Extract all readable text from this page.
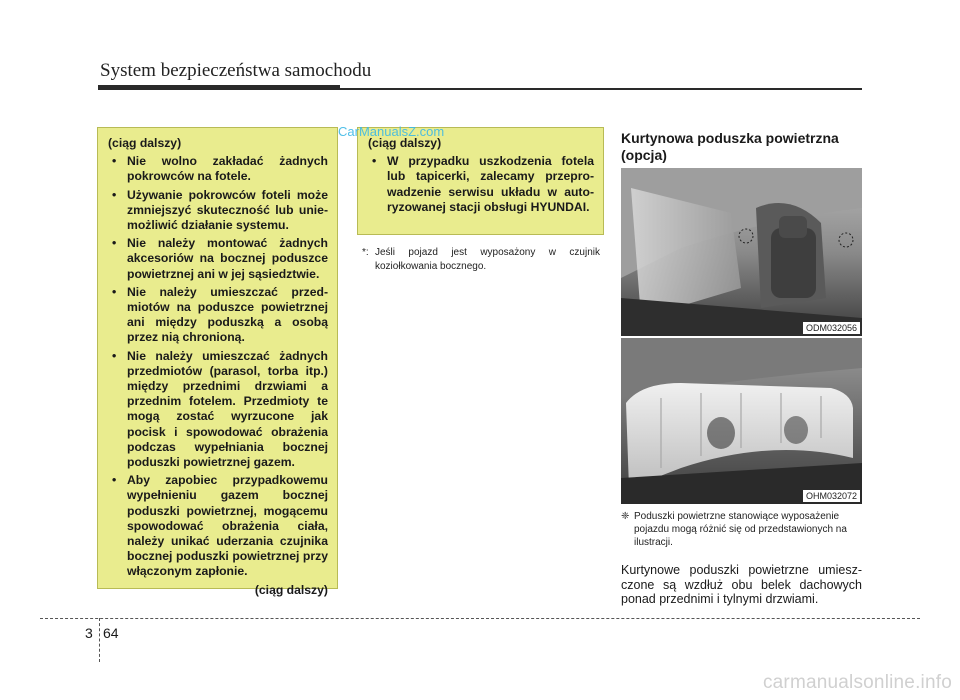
System bezpieczeństwa samochodu
(ciąg dalszy)
• Nie wolno zakładać żadnych pokrowców na fotele.
• Używanie pokrowców foteli może zmniejszyć skuteczność lub uniemożliwić działanie systemu.
• Nie należy montować żadnych akcesoriów na bocznej poduszce powietrznej ani w jej sąsiedztwie.
• Nie należy umieszczać przedmiotów na poduszce powietrznej ani między poduszką a osobą przez nią chronioną.
• Nie należy umieszczać żadnych przedmiotów (parasol, torba itp.) między przednimi drzwiami a przednim fotelem. Przedmioty te mogą zostać wyrzucone jak pocisk i spowodować obrażenia podczas wypełniania bocznej poduszki powietrznej gazem.
• Aby zapobiec przypadkowemu wypełnieniu gazem bocznej poduszki powietrznej, mogącemu spowodować obrażenia ciała, należy unikać uderzania czujnika bocznej poduszki powietrznej przy włączonym zapłonie.
(ciąg dalszy)
(ciąg dalszy)
• W przypadku uszkodzenia fotela lub tapicerki, zalecamy przeprowadzenie serwisu układu w autoryzowanej stacji obsługi HYUNDAI.
CarManualsZ.com
*: Jeśli pojazd jest wyposażony w czujnik koziołkowania bocznego.
Kurtynowa poduszka powietrzna (opcja)
ODM032056
OHM032072
❈ Poduszki powietrzne stanowiące wyposażenie pojazdu mogą różnić się od przedstawionych na ilustracji.
Kurtynowe poduszki powietrzne umieszczone są wzdłuż obu belek dachowych ponad przednimi i tylnymi drzwiami.
3 64
carmanualsonline.info
